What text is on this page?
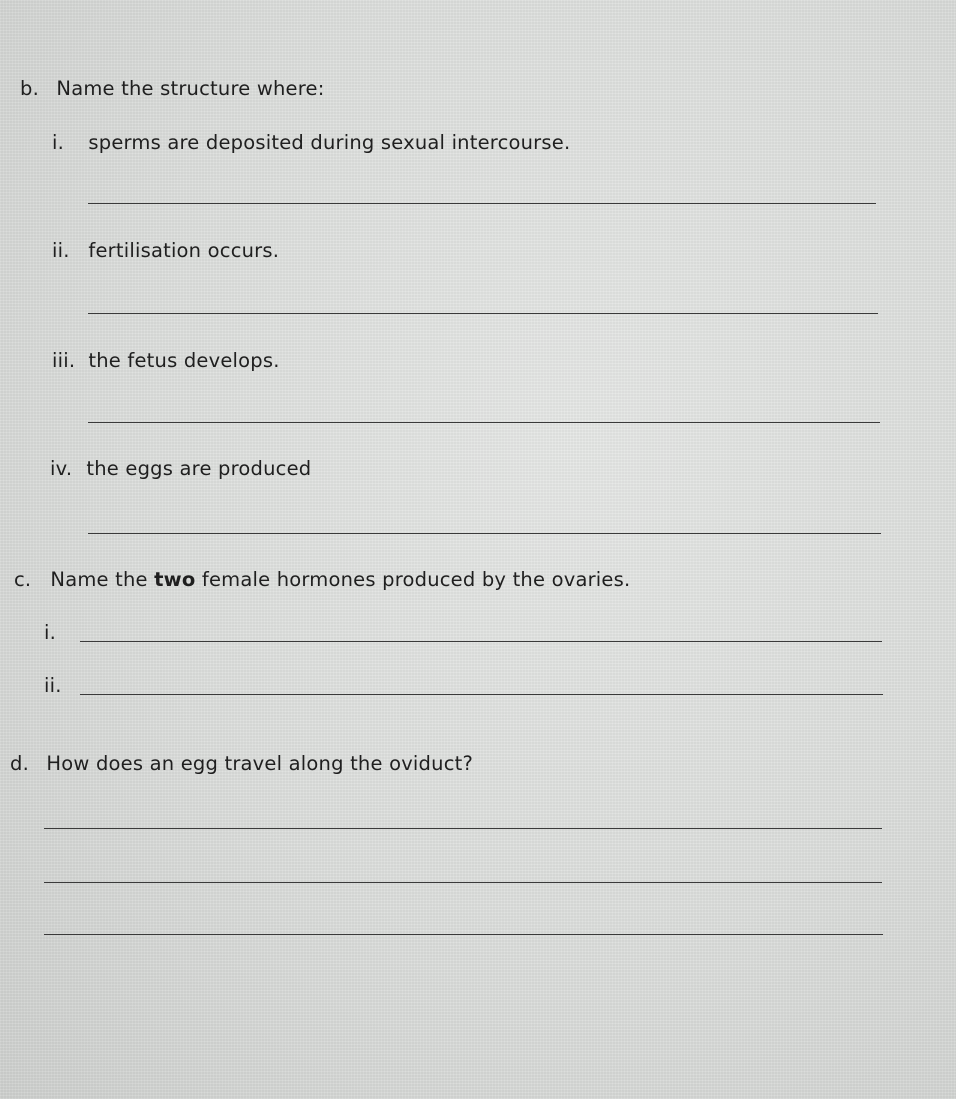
b. Name the structure where:
i. sperms are deposited during sexual intercourse.
ii. fertilisation occurs.
iii. the fetus develops.
iv. the eggs are produced
c. Name the two female hormones produced by the ovaries.
i.
ii.
d. How does an egg travel along the oviduct?
